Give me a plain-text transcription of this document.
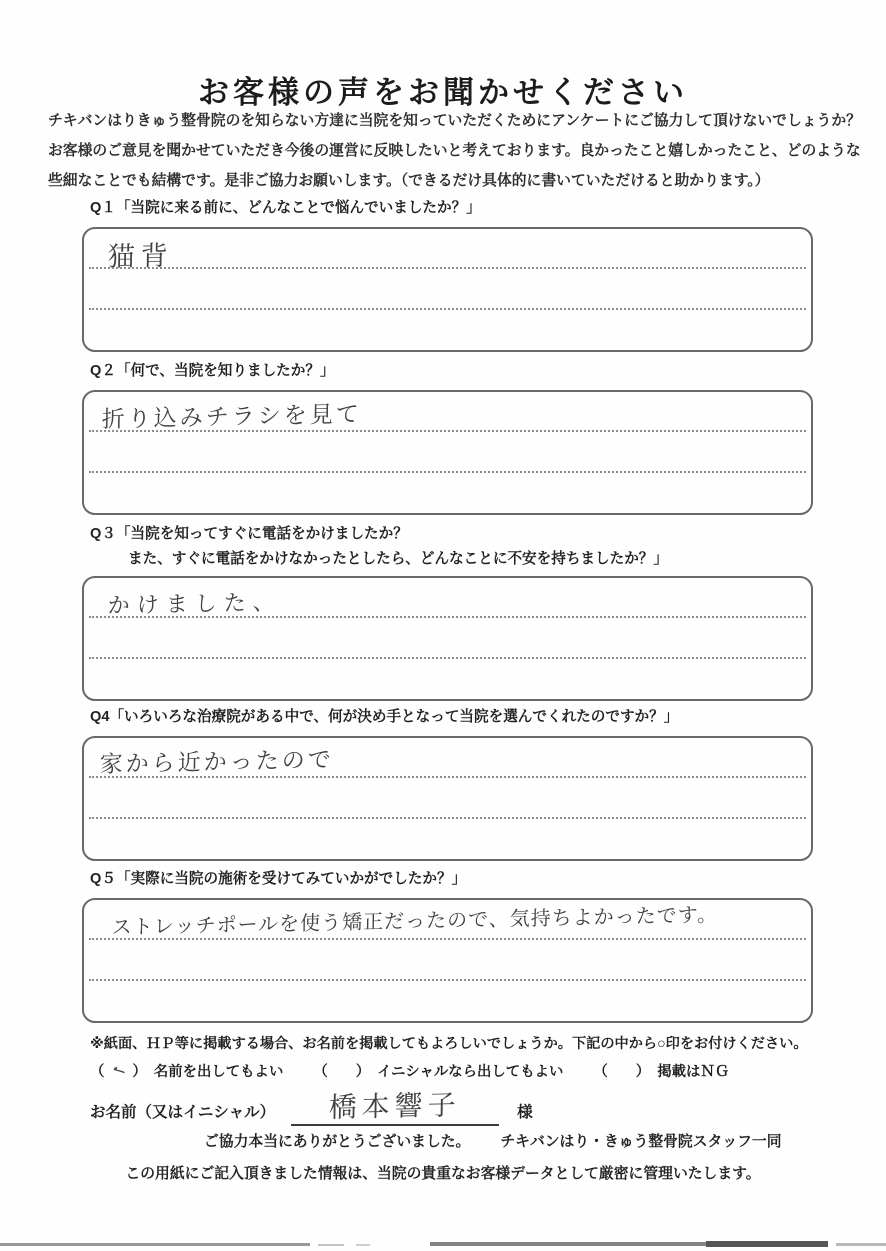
お客様の声をお聞かせください
チキバンはりきゅう整骨院のを知らない方達に当院を知っていただくためにアンケートにご協力して頂けないでしょうか？
お客様のご意見を聞かせていただき今後の運営に反映したいと考えております。良かったこと嬉しかったこと、どのような
些細なことでも結構です。是非ご協力お願いします。（できるだけ具体的に書いていただけると助かります。）
Q１「当院に来る前に、どんなことで悩んでいましたか？」
猫背
Q２「何で、当院を知りましたか？」
折り込みチラシを見て
Q３「当院を知ってすぐに電話をかけましたか？
また、すぐに電話をかけなかったとしたら、どんなことに不安を持ちましたか？」
かけました、
Q4「いろいろな治療院がある中で、何が決め手となって当院を選んでくれたのですか？」
家から近かったので
Q５「実際に当院の施術を受けてみていかがでしたか？」
ストレッチポールを使う矯正だったので、気持ちよかったです。
※紙面、ＨＰ等に掲載する場合、お名前を掲載してもよろしいでしょうか。下記の中から○印をお付けください。
（ ✓ ） 名前を出してもよい （ ） イニシャルなら出してもよい （ ） 掲載はＮＧ
お名前（又はイニシャル）	橋本響子	様
ご協力本当にありがとうございました。 チキバンはり・きゅう整骨院スタッフ一同
この用紙にご記入頂きました情報は、当院の貴重なお客様データとして厳密に管理いたします。
